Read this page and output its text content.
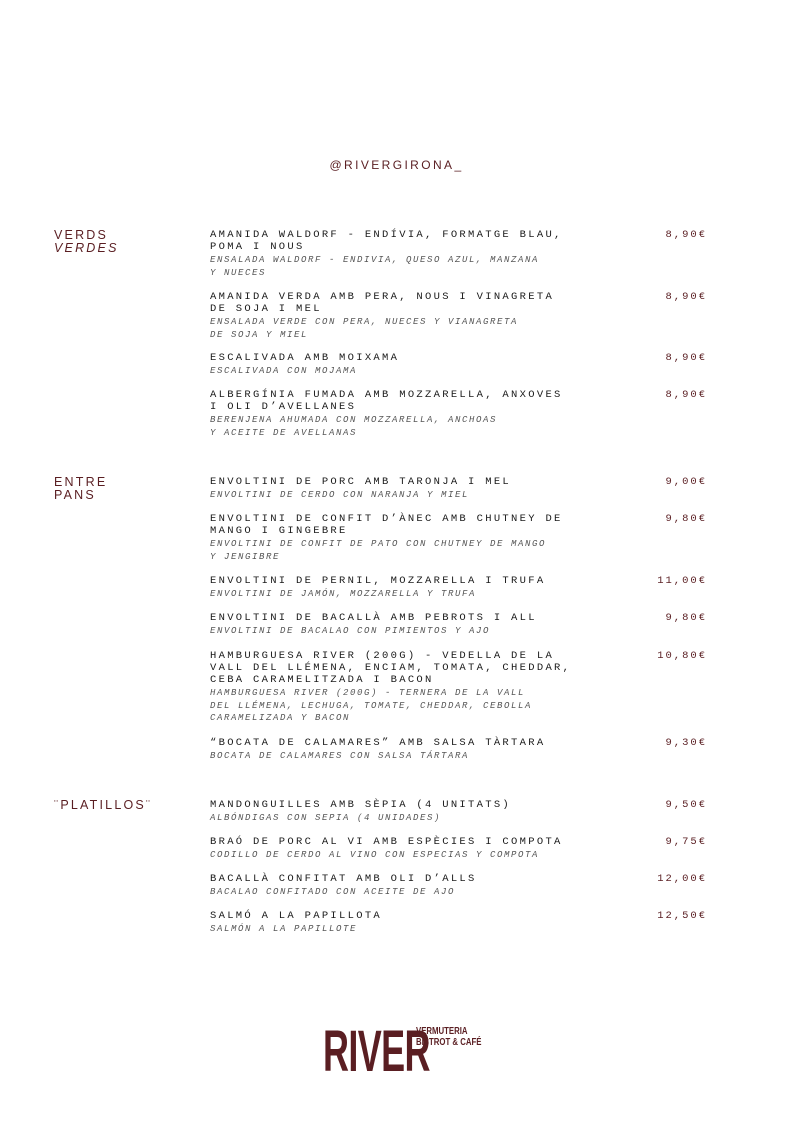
@RIVERGIRONA_
VERDS
VERDES
AMANIDA WALDORF - ENDÍVIA, FORMATGE BLAU,
POMA I NOUS
ENSALADA WALDORF - ENDIVIA, QUESO AZUL, MANZANA
Y NUECES
8,90€
AMANIDA VERDA AMB PERA, NOUS I VINAGRETA
DE SOJA I MEL
ENSALADA VERDE CON PERA, NUECES Y VIANAGRETA
DE SOJA Y MIEL
8,90€
ESCALIVADA AMB MOIXAMA
ESCALIVADA CON MOJAMA
8,90€
ALBERGÍNIA FUMADA AMB MOZZARELLA, ANXOVES
I OLI D’AVELLANES
BERENJENA AHUMADA CON MOZZARELLA, ANCHOAS
Y ACEITE DE AVELLANAS
8,90€
ENTRE
PANS
ENVOLTINI DE PORC AMB TARONJA I MEL
ENVOLTINI DE CERDO CON NARANJA Y MIEL
9,00€
ENVOLTINI DE CONFIT D’ÀNEC AMB CHUTNEY DE
MANGO I GINGEBRE
ENVOLTINI DE CONFIT DE PATO CON CHUTNEY DE MANGO
Y JENGIBRE
9,80€
ENVOLTINI DE PERNIL, MOZZARELLA I TRUFA
ENVOLTINI DE JAMÓN, MOZZARELLA Y TRUFA
11,00€
ENVOLTINI DE BACALLÀ AMB PEBROTS I ALL
ENVOLTINI DE BACALAO CON PIMIENTOS Y AJO
9,80€
HAMBURGUESA RIVER (200G) - VEDELLA DE LA
VALL DEL LLÉMENA, ENCIAM, TOMATA, CHEDDAR,
CEBA CARAMELITZADA I BACON
HAMBURGUESA RIVER (200G) - TERNERA DE LA VALL
DEL LLÉMENA, LECHUGA, TOMATE, CHEDDAR, CEBOLLA
CARAMELIZADA Y BACON
10,80€
“BOCATA DE CALAMARES” AMB SALSA TÀRTARA
BOCATA DE CALAMARES CON SALSA TÁRTARA
9,30€
¨PLATILLOS¨	MANDONGUILLES AMB SÈPIA (4 UNITATS)
ALBÓNDIGAS CON SEPIA (4 UNIDADES)
9,50€
BRAÓ DE PORC AL VI AMB ESPÈCIES I COMPOTA
CODILLO DE CERDO AL VINO CON ESPECIAS Y COMPOTA
9,75€
BACALLÀ CONFITAT AMB OLI D’ALLS
BACALAO CONFITADO CON ACEITE DE AJO
12,00€
SALMÓ A LA PAPILLOTA
SALMÓN A LA PAPILLOTE
12,50€
RIVER
VERMUTERIA
BISTROT & CAFÉ
